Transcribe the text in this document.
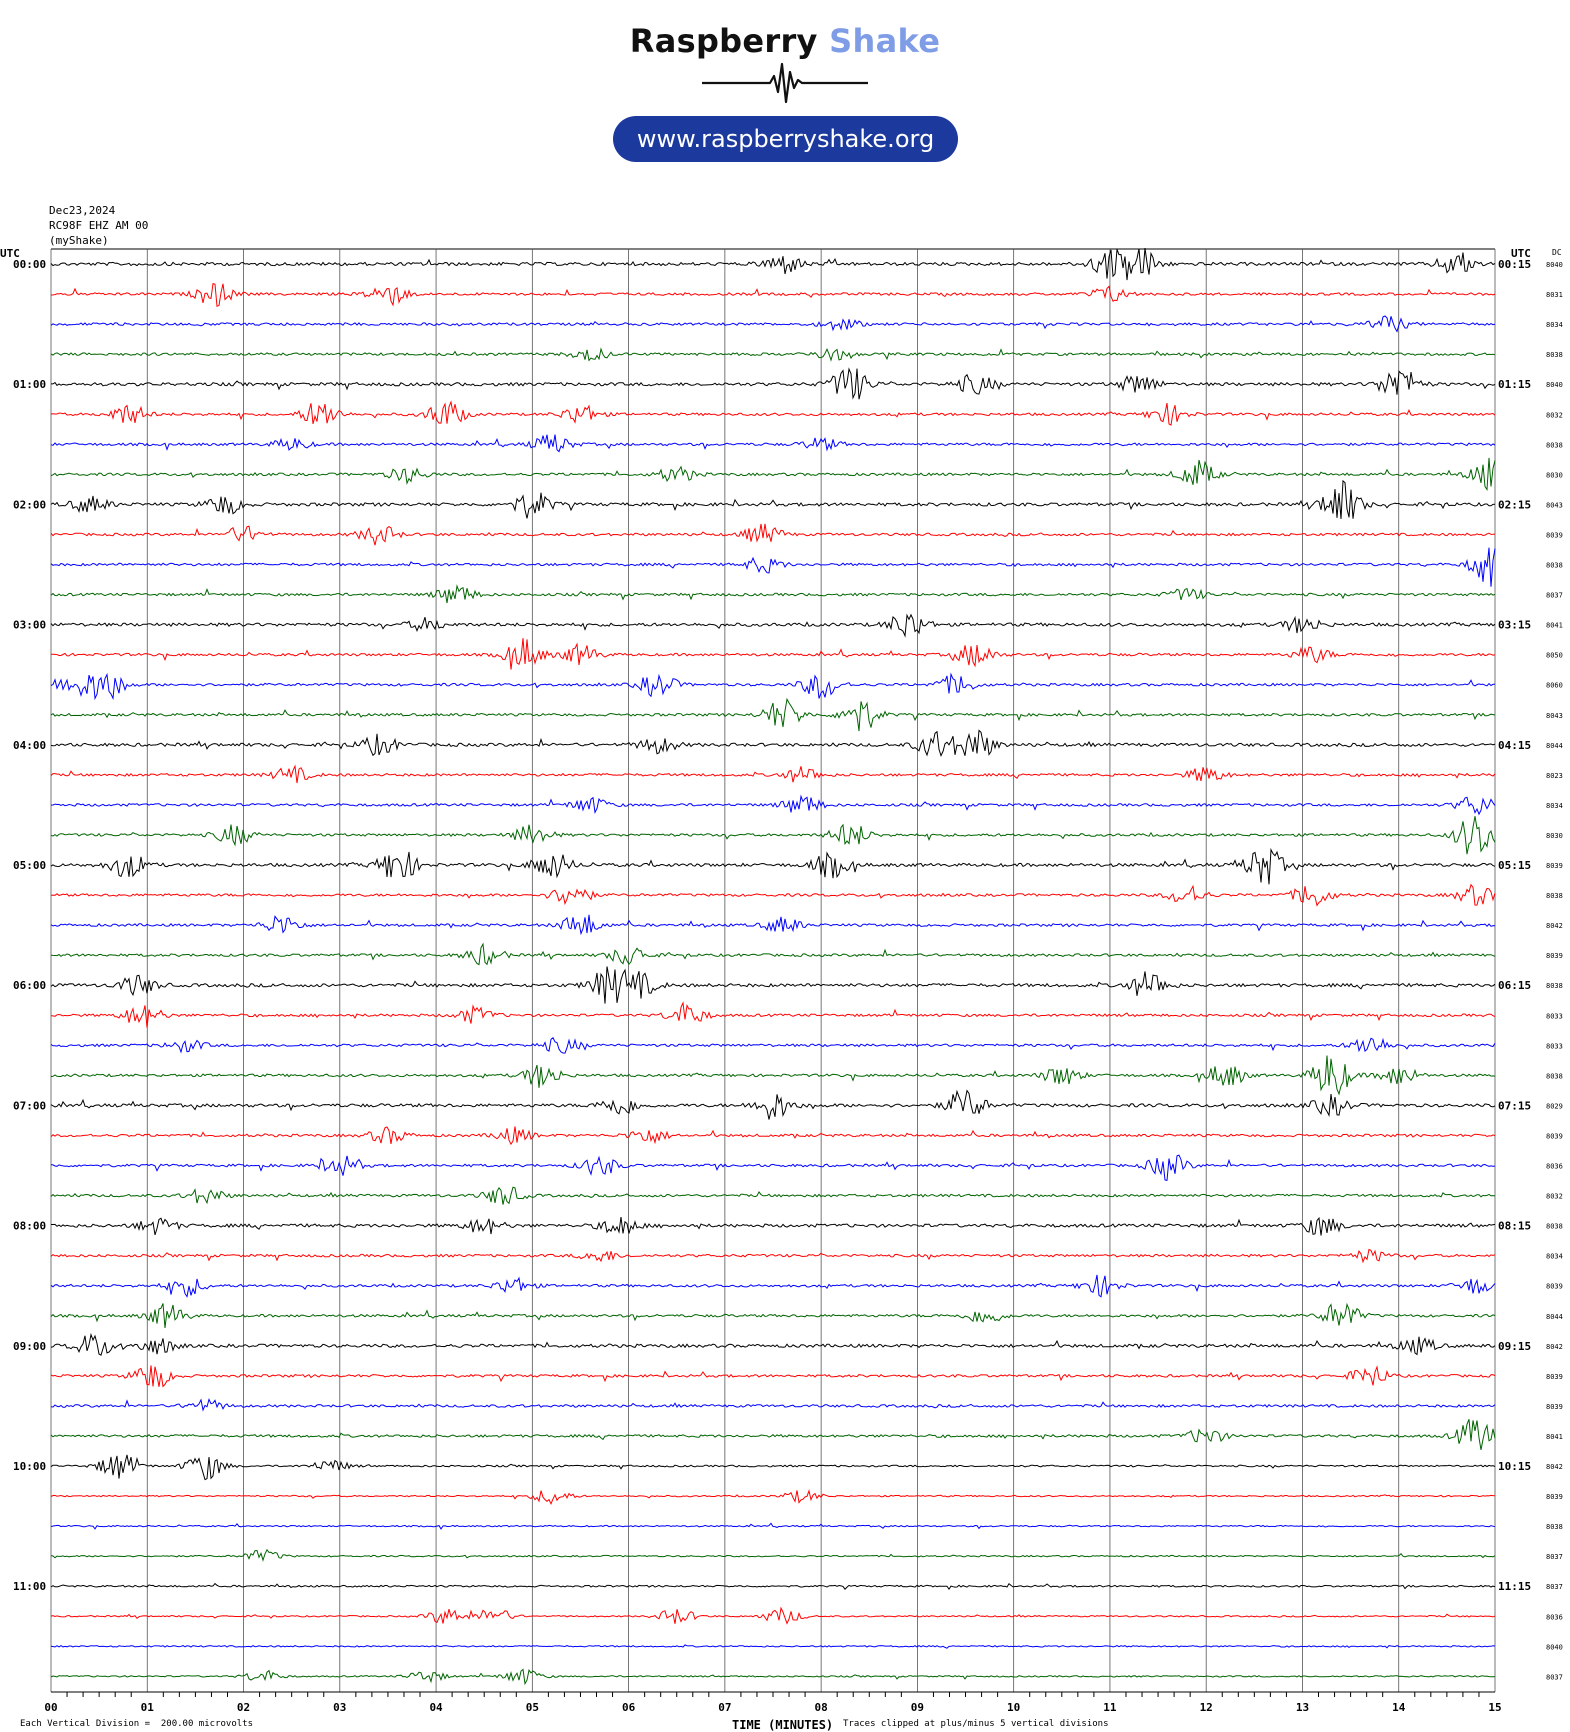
Raspberry Shake
www.raspberryshake.org
Dec23,2024
RC98F EHZ AM 00
(myShake)
00:00
01:00
02:00
03:00
04:00
05:00
06:00
07:00
08:00
09:00
10:00
11:00
00:15
01:15
02:15
03:15
04:15
05:15
06:15
07:15
08:15
09:15
10:15
11:15
8040
8031
8034
8038
8040
8032
8038
8030
8043
8039
8038
8037
8041
8050
8060
8043
8044
8023
8034
8030
8039
8038
8042
8039
8038
8033
8033
8038
8029
8039
8036
8032
8038
8034
8039
8044
8042
8039
8039
8041
8042
8039
8038
8037
8037
8036
8040
8037
00	01	02	03	04	05	06	07	08	09	10	11	12	13	14	15
UTC	UTC	DC
Each Vertical Division =  200.00 microvolts	TIME (MINUTES) Traces clipped at plus/minus 5 vertical divisions
